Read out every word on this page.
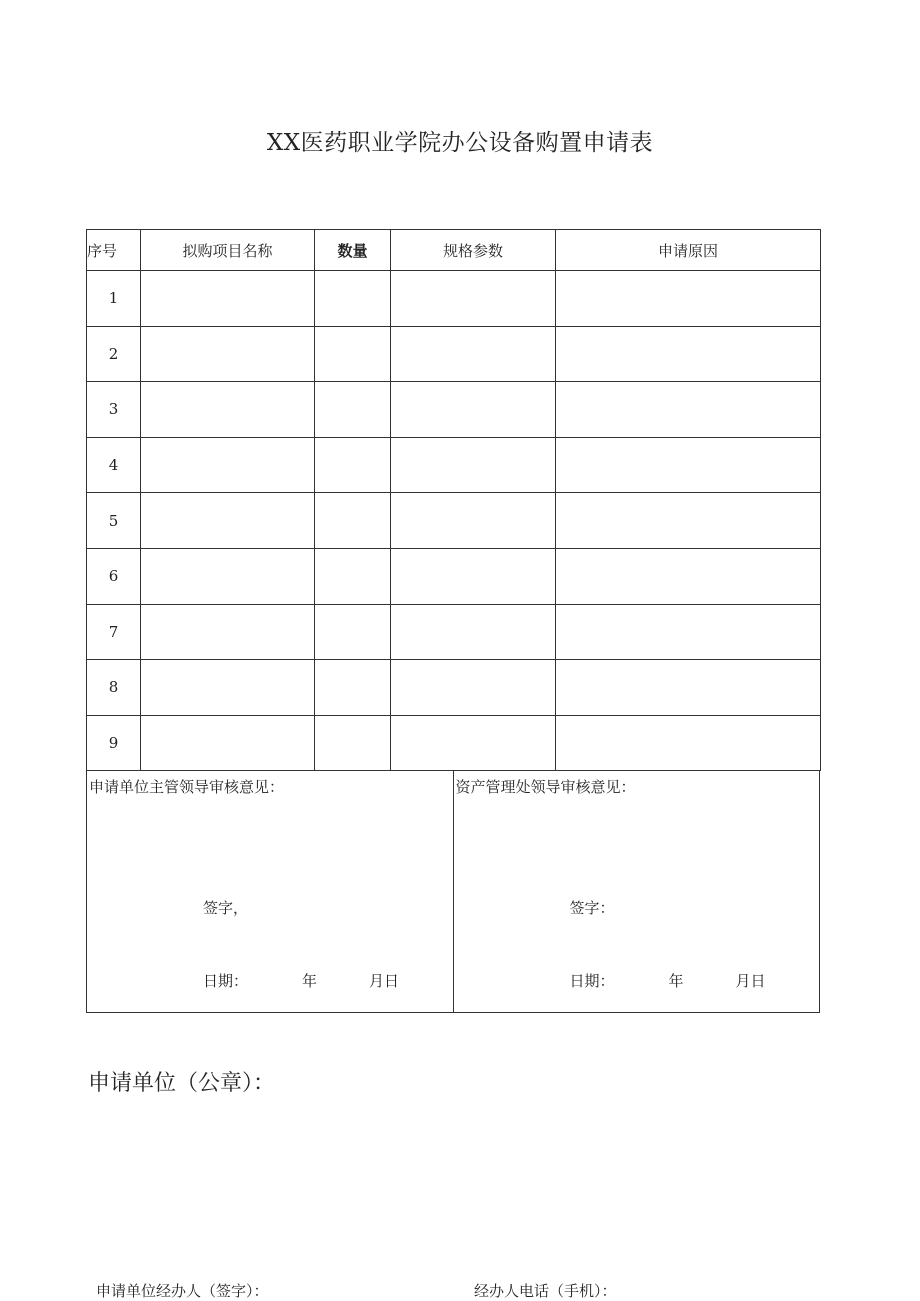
XX医药职业学院办公设备购置申请表
序号	拟购项目名称	数量	规格参数	申请原因
1				
2				
3				
4				
5				
6				
7				
8				
9				
申请单位主管领导审核意见：
签字，
日期：	年	月日
资产管理处领导审核意见：
签字：
日期：	年	月日
申请单位（公章）：
申请单位经办人（签字）：	经办人电话（手机）：
